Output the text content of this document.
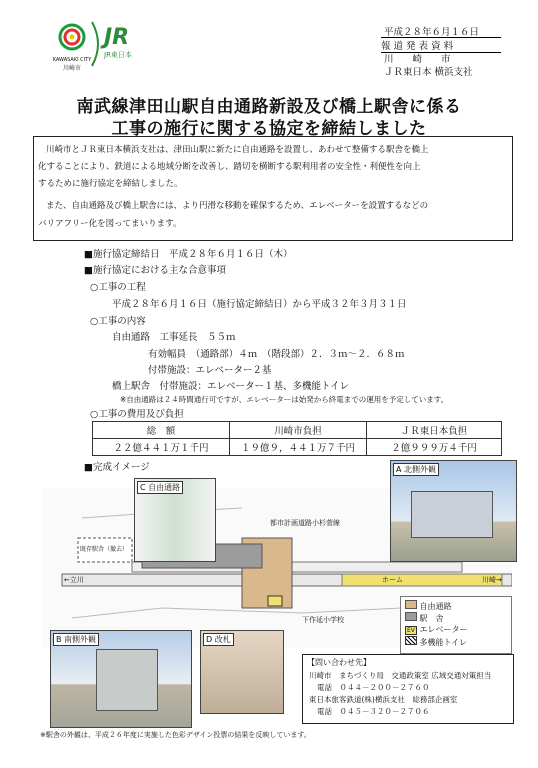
KAWASAKI CITY
川崎市
JR
JR東日本
平成２８年６月１６日
報 道 発 表 資 料
川　　崎　　市
ＪＲ東日本 横浜支社
南武線津田山駅自由通路新設及び橋上駅舎に係る
工事の施行に関する協定を締結しました
川崎市とＪＲ東日本横浜支社は、津田山駅に新たに自由通路を設置し、あわせて整備する駅舎を橋上
化することにより、鉄道による地域分断を改善し、踏切を横断する駅利用者の安全性・利便性を向上
するために施行協定を締結しました。
また、自由通路及び橋上駅舎には、より円滑な移動を確保するため、エレベーターを設置するなどの
バリアフリー化を図ってまいります。
■施行協定締結日　平成２８年６月１６日（木）
■施行協定における主な合意事項
○工事の工程
平成２８年６月１６日（施行協定締結日）から平成３２年３月３１日
○工事の内容
自由通路　工事延長　５５ｍ
有効幅員　（通路部）４ｍ　（階段部）２．３ｍ～２．６８ｍ
付帯施設：エレベーター２基
橋上駅舎　付帯施設：エレベーター１基、多機能トイレ
※自由通路は２４時間通行可ですが、エレベーターは始発から終電までの運用を予定しています。
○工事の費用及び負担
総　額	川崎市負担	ＪＲ東日本負担
２２億４４１万１千円	１９億９，４４１万７千円	２億９９９万４千円
■完成イメージ
都市計画道路小杉菅線
下作延小学校
既存駅舎（撤去）
←立川	川崎→
ホーム
自由通路
駅　舎
EV エレベーター
多機能トイレ
A 北側外観
C 自由通路
B 南側外観	D 改札
【問い合わせ先】
川崎市　まちづくり局　交通政策室 広域交通対策担当
電話　０４４－２００－２７６０
東日本旅客鉄道(株)横浜支社　総務部企画室
電話　０４５－３２０－２７０６
※駅舎の外観は、平成２６年度に実施した色彩デザイン投票の結果を反映しています。
